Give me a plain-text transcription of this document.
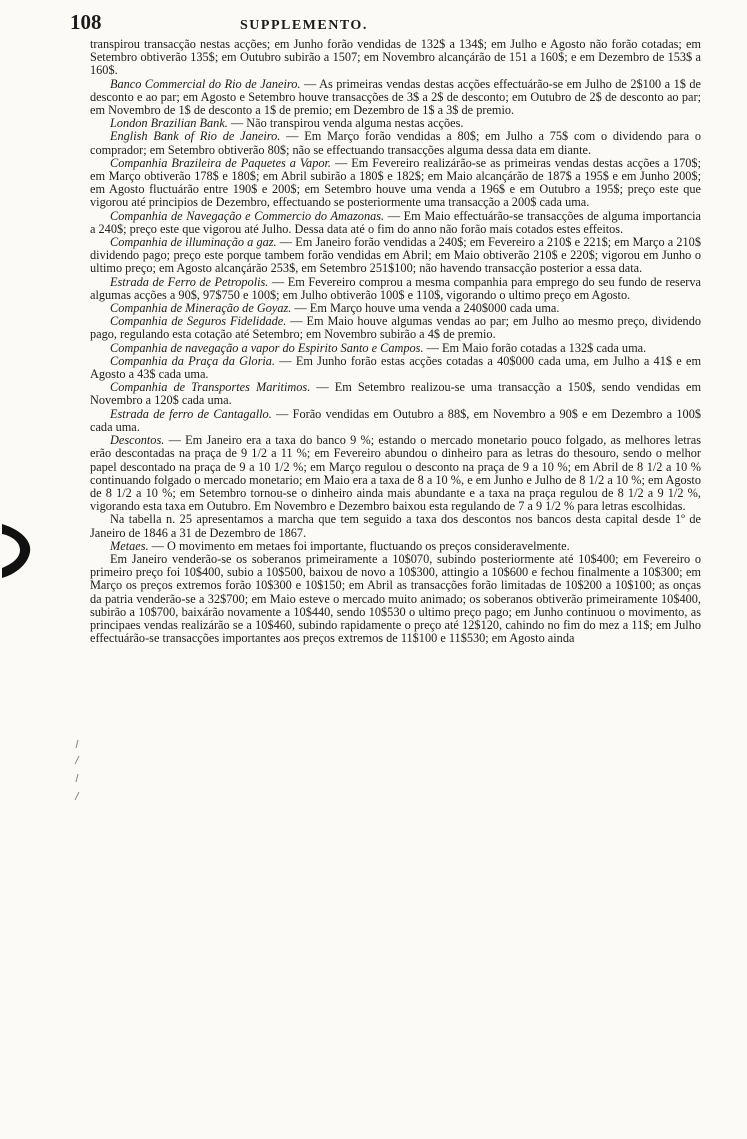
108	SUPPLEMENTO.

transpirou transacção nestas acções; em Junho forão vendidas de 132$ a 134$; em Julho e Agosto não forão cotadas; em Setembro obtiverão 135$; em Outubro subirão a 1507; em Novembro alcançárão de 151 a 160$; e em Dezembro de 153$ a 160$.

Banco Commercial do Rio de Janeiro. — As primeiras vendas destas acções effectuárão-se em Julho de 2$100 a 1$ de desconto e ao par; em Agosto e Setembro houve transacções de 3$ a 2$ de desconto; em Outubro de 2$ de desconto ao par; em Novembro de 1$ de desconto a 1$ de premio; em Dezembro de 1$ a 3$ de premio.

London Brazilian Bank. — Não transpirou venda alguma nestas acções.

English Bank of Rio de Janeiro. — Em Março forão vendidas a 80$; em Julho a 75$ com o dividendo para o comprador; em Setembro obtiverão 80$; não se effectuando transacções alguma dessa data em diante.

Companhia Brazileira de Paquetes a Vapor. — Em Fevereiro realizárão-se as primeiras vendas destas acções a 170$; em Março obtiverão 178$ e 180$; em Abril subirão a 180$ e 182$; em Maio alcançárão de 187$ a 195$ e em Junho 200$; em Agosto fluctuárão entre 190$ e 200$; em Setembro houve uma venda a 196$ e em Outubro a 195$; preço este que vigorou até principios de Dezembro, effectuando se posteriormente uma transacção a 200$ cada uma.

Companhia de Navegação e Commercio do Amazonas. — Em Maio effectuárão-se transacções de alguma importancia a 240$; preço este que vigorou até Julho. Dessa data até o fim do anno não forão mais cotados estes effeitos.

Companhia de illuminação a gaz. — Em Janeiro forão vendidas a 240$; em Fevereiro a 210$ e 221$; em Março a 210$ dividendo pago; preço este porque tambem forão vendidas em Abril; em Maio obtiverão 210$ e 220$; vigorou em Junho o ultimo preço; em Agosto alcançárão 253$, em Setembro 251$100; não havendo transacção posterior a essa data.

Estrada de Ferro de Petropolis. — Em Fevereiro comprou a mesma companhia para emprego do seu fundo de reserva algumas acções a 90$, 97$750 e 100$; em Julho obtiverão 100$ e 110$, vigorando o ultimo preço em Agosto.

Companhia de Mineração de Goyaz. — Em Março houve uma venda a 240$000 cada uma.

Companhia de Seguros Fidelidade. — Em Maio houve algumas vendas ao par; em Julho ao mesmo preço, dividendo pago, regulando esta cotação até Setembro; em Novembro subirão a 4$ de premio.

Companhia de navegação a vapor do Espirito Santo e Campos. — Em Maio forão cotadas a 132$ cada uma.

Companhia da Praça da Gloria. — Em Junho forão estas acções cotadas a 40$000 cada uma, em Julho a 41$ e em Agosto a 43$ cada uma.

Companhia de Transportes Maritimos. — Em Setembro realizou-se uma transacção a 150$, sendo vendidas em Novembro a 120$ cada uma.

Estrada de ferro de Cantagallo. — Forão vendidas em Outubro a 88$, em Novembro a 90$ e em Dezembro a 100$ cada uma.

Descontos. — Em Janeiro era a taxa do banco 9 %; estando o mercado monetario pouco folgado, as melhores letras erão descontadas na praça de 9 1/2 a 11 %; em Fevereiro abundou o dinheiro para as letras do thesouro, sendo o melhor papel descontado na praça de 9 a 10 1/2 %; em Março regulou o desconto na praça de 9 a 10 %; em Abril de 8 1/2 a 10 % continuando folgado o mercado monetario; em Maio era a taxa de 8 a 10 %, e em Junho e Julho de 8 1/2 a 10 %; em Agosto de 8 1/2 a 10 %; em Setembro tornou-se o dinheiro ainda mais abundante e a taxa na praça regulou de 8 1/2 a 9 1/2 %, vigorando esta taxa em Outubro. Em Novembro e Dezembro baixou esta regulando de 7 a 9 1/2 % para letras escolhidas.

Na tabella n. 25 apresentamos a marcha que tem seguido a taxa dos descontos nos bancos desta capital desde 1º de Janeiro de 1846 a 31 de Dezembro de 1867.

Metaes. — O movimento em metaes foi importante, fluctuando os preços consideravelmente.

Em Janeiro venderão-se os soberanos primeiramente a 10$070, subindo posteriormente até 10$400; em Fevereiro o primeiro preço foi 10$400, subio a 10$500, baixou de novo a 10$300, attingio a 10$600 e fechou finalmente a 10$300; em Março os preços extremos forão 10$300 e 10$150; em Abril as transacções forão limitadas de 10$200 a 10$100; as onças da patria venderão-se a 32$700; em Maio esteve o mercado muito animado; os soberanos obtiverão primeiramente 10$400, subirão a 10$700, baixárão novamente a 10$440, sendo 10$530 o ultimo preço pago; em Junho continuou o movimento, as principaes vendas realizárão se a 10$460, subindo rapidamente o preço até 12$120, cahindo no fim do mez a 11$; em Julho effectuárão-se transacções importantes aos preços extremos de 11$100 e 11$530; em Agosto ainda
